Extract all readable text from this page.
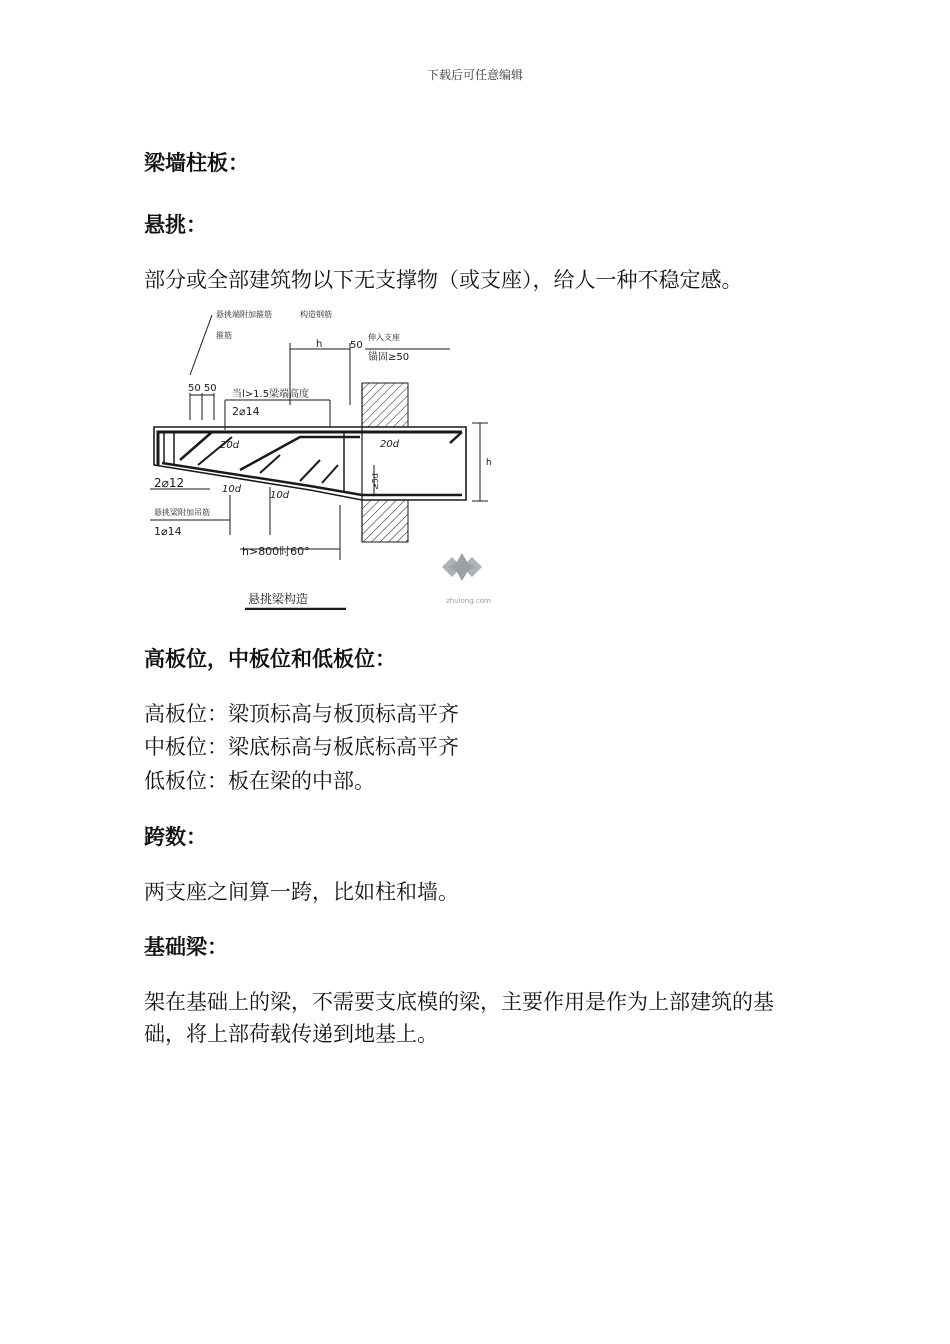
下载后可任意编辑
梁墙柱板：
悬挑：
部分或全部建筑物以下无支撑物（或支座），给人一种不稳定感。
高板位，中板位和低板位：
高板位：梁顶标高与板顶标高平齐
中板位：梁底标高与板底标高平齐
低板位：板在梁的中部。
跨数：
两支座之间算一跨，比如柱和墙。
基础梁：
架在基础上的梁，不需要支底模的梁，主要作用是作为上部建筑的基础，将上部荷载传递到地基上。
悬挑端附加箍筋
箍筋
构造钢筋
伸入支座
锚固≥50
h	50
50 50
当l>1.5梁端高度
2⌀14
20d	20d
10d
10d
2⌀12
h
≥5d
悬挑梁附加吊筋
1⌀14
h>800时60°
悬挑梁构造	zhulong.com
